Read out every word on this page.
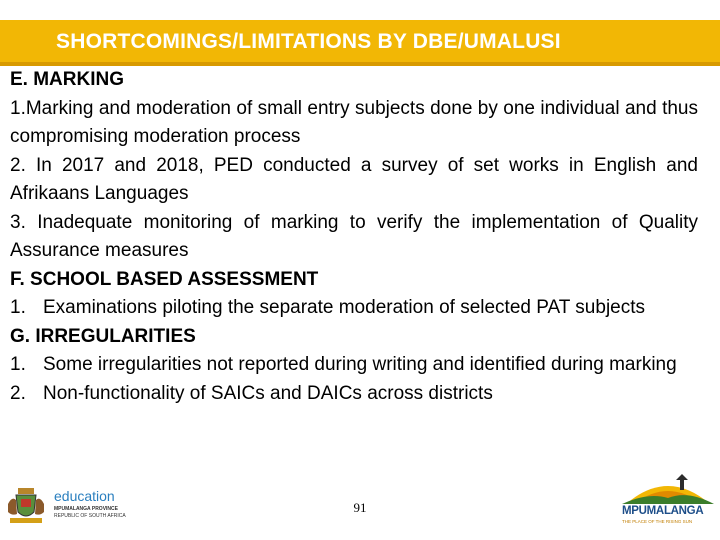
SHORTCOMINGS/LIMITATIONS BY DBE/UMALUSI

E. MARKING

1.Marking and moderation of small entry subjects done by one individual and thus compromising moderation process

2. In 2017 and 2018, PED conducted a survey of set works in English and Afrikaans Languages

3. Inadequate monitoring of marking to verify the implementation of Quality Assurance measures

F. SCHOOL BASED ASSESSMENT

1. Examinations piloting the separate moderation of selected PAT subjects

G. IRREGULARITIES

1. Some irregularities not reported during writing and identified during marking
2. Non-functionality of SAICs and DAICs across districts
education
MPUMALANGA PROVINCE
REPUBLIC OF SOUTH AFRICA
91	MPUMALANGA
THE PLACE OF THE RISING SUN
